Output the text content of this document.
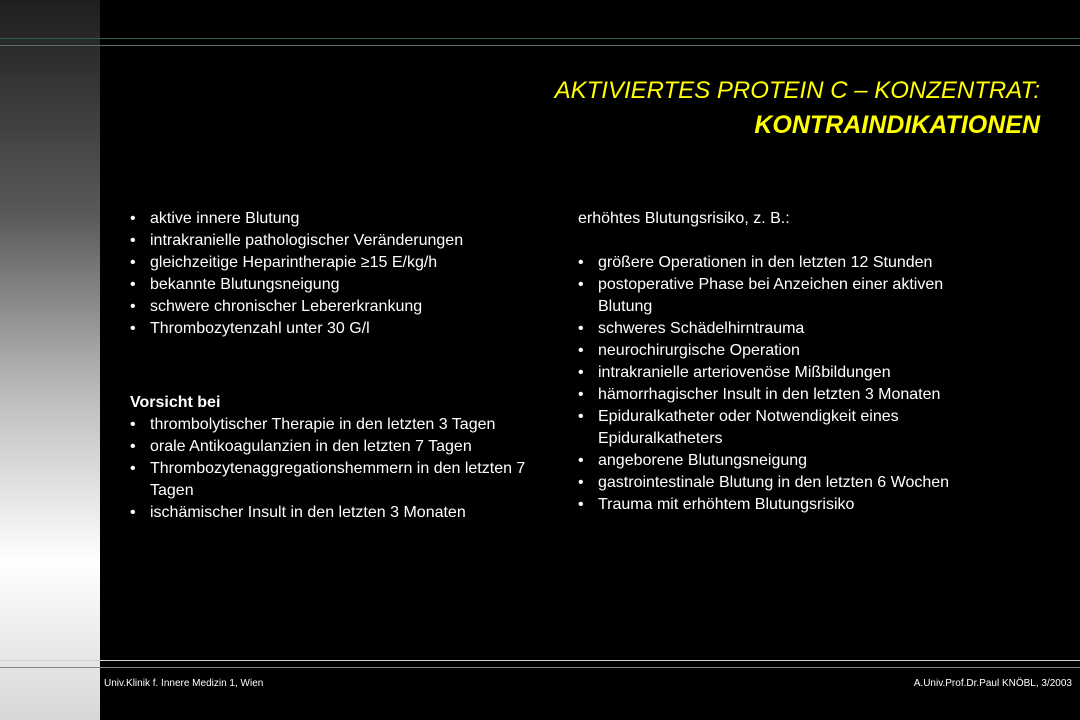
AKTIVIERTES PROTEIN C – KONZENTRAT:
KONTRAINDIKATIONEN
• aktive innere Blutung
• intrakranielle pathologischer Veränderungen
• gleichzeitige Heparintherapie ≥15 E/kg/h
• bekannte Blutungsneigung
• schwere chronischer Lebererkrankung
• Thrombozytenzahl unter 30 G/l
Vorsicht bei
• thrombolytischer Therapie in den letzten 3 Tagen
• orale Antikoagulanzien in den letzten 7 Tagen
• Thrombozytenaggregationshemmern in den letzten 7 Tagen
• ischämischer Insult in den letzten 3 Monaten
erhöhtes Blutungsrisiko, z. B.:
• größere Operationen in den letzten 12 Stunden
• postoperative Phase bei Anzeichen einer aktiven Blutung
• schweres Schädelhirntrauma
• neurochirurgische Operation
• intrakranielle arteriovenöse Mißbildungen
• hämorrhagischer Insult in den letzten 3 Monaten
• Epiduralkatheter oder Notwendigkeit eines Epiduralkatheters
• angeborene Blutungsneigung
• gastrointestinale Blutung in den letzten 6 Wochen
• Trauma mit erhöhtem Blutungsrisiko
Univ.Klinik f. Innere Medizin 1, Wien	A.Univ.Prof.Dr.Paul KNÖBL, 3/2003
